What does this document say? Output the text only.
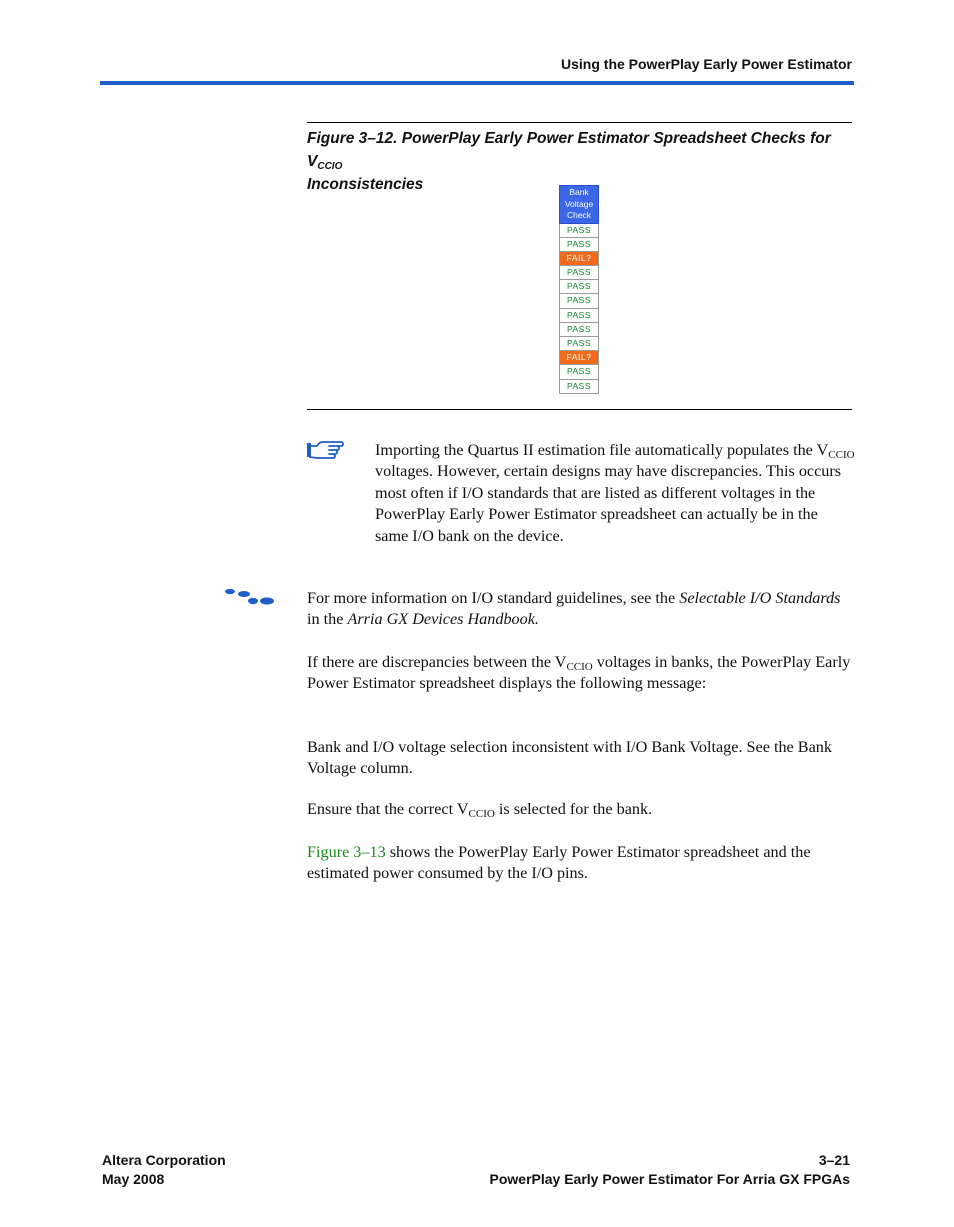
Using the PowerPlay Early Power Estimator
Figure 3–12. PowerPlay Early Power Estimator Spreadsheet Checks for $V_{CCIO}$
Inconsistencies	Bank
Voltage
Check
PASS
PASS
FAIL?
PASS
PASS
PASS
PASS
PASS
PASS
FAIL?
PASS
PASS

Importing the Quartus II estimation file automatically populates the $V_{CCIO}$ voltages. However, certain designs may have discrepancies. This occurs most often if I/O standards that are listed as different voltages in the PowerPlay Early Power Estimator spreadsheet can actually be in the same I/O bank on the device.

For more information on I/O standard guidelines, see the Selectable I/O Standards in the Arria GX Devices Handbook.

If there are discrepancies between the $V_{CCIO}$ voltages in banks, the PowerPlay Early Power Estimator spreadsheet displays the following message:

Bank and I/O voltage selection inconsistent with I/O Bank Voltage. See the Bank Voltage column.

Ensure that the correct $V_{CCIO}$ is selected for the bank.

Figure 3–13 shows the PowerPlay Early Power Estimator spreadsheet and the estimated power consumed by the I/O pins.

Altera Corporation
May 2008
3–21
PowerPlay Early Power Estimator For Arria GX FPGAs
